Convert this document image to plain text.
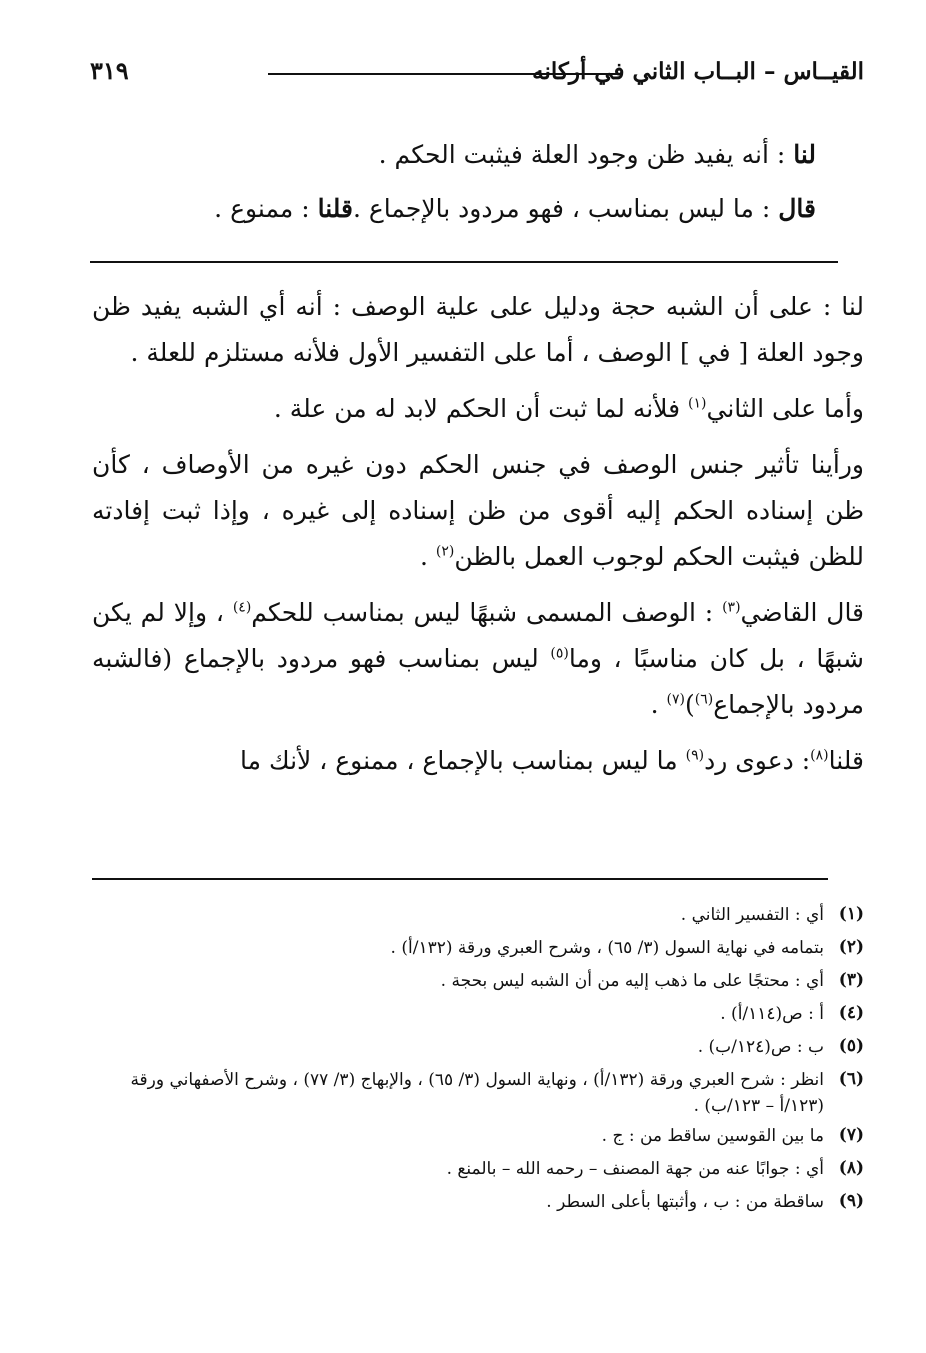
القيــاس – البــاب الثاني في أركانه
٣١٩
لنا : أنه يفيد ظن وجود العلة فيثبت الحكم .
قال : ما ليس بمناسب ، فهو مردود بالإجماع .قلنا : ممنوع .

لنا : على أن الشبه حجة ودليل على علية الوصف : أنه أي الشبه يفيد ظن وجود العلة [ في ] الوصف ، أما على التفسير الأول فلأنه مستلزم للعلة .

وأما على الثاني$^{(١)}$ فلأنه لما ثبت أن الحكم لابد له من علة .

ورأينا تأثير جنس الوصف في جنس الحكم دون غيره من الأوصاف ، كأن ظن إسناده الحكم إليه أقوى من ظن إسناده إلى غيره ، وإذا ثبت إفادته للظن فيثبت الحكم لوجوب العمل بالظن$^{(٢)}$ .

قال القاضي$^{(٣)}$ : الوصف المسمى شبهًا ليس بمناسب للحكم$^{(٤)}$ ، وإلا لم يكن شبهًا ، بل كان مناسبًا ، وما$^{(٥)}$ ليس بمناسب فهو مردود بالإجماع (فالشبه مردود بالإجماع$^{(٦)}$)$^{(٧)}$ .

قلنا$^{(٨)}$: دعوى رد$^{(٩)}$ ما ليس بمناسب بالإجماع ، ممنوع ، لأنك ما

(١)
أي : التفسير الثاني .
(٢)
بتمامه في نهاية السول (٣/ ٦٥) ، وشرح العبري ورقة (١٣٢/أ) .
(٣)
أي : محتجًا على ما ذهب إليه من أن الشبه ليس بحجة .
(٤)
أ : ص(١١٤/أ) .
(٥)
ب : ص(١٢٤/ب) .
(٦)
انظر : شرح العبري ورقة (١٣٢/أ) ، ونهاية السول (٣/ ٦٥) ، والإبهاج (٣/ ٧٧) ، وشرح الأصفهاني ورقة (١٢٣/أ – ١٢٣/ب) .
(٧)
ما بين القوسين ساقط من : ج .
(٨)
أي : جوابًا عنه من جهة المصنف – رحمه الله – بالمنع .
(٩)
ساقطة من : ب ، وأثبتها بأعلى السطر .
